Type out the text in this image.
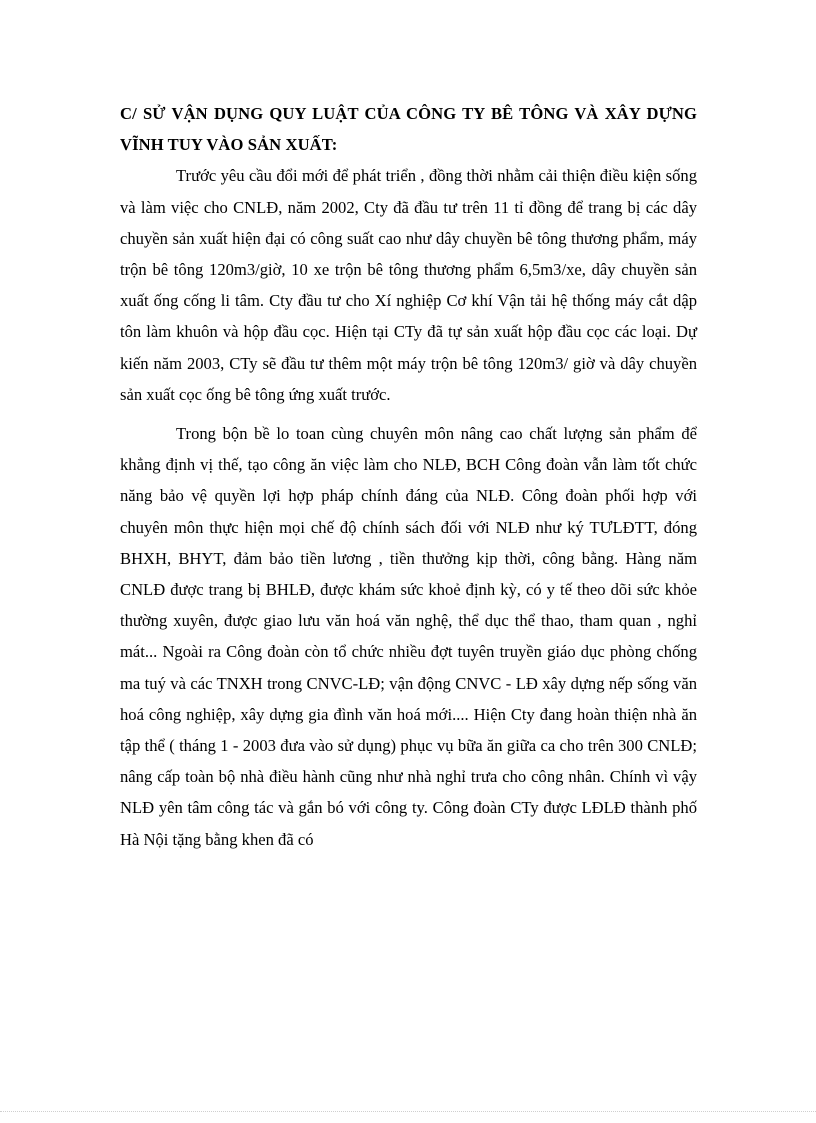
C/ SỬ VẬN DỤNG QUY LUẬT CỦA CÔNG TY BÊ TÔNG VÀ XÂY DỰNG VĨNH TUY VÀO SẢN XUẤT:

Trước yêu cầu đổi mới để phát triển , đồng thời nhằm cải thiện điều kiện sống và làm việc cho CNLĐ, năm 2002, Cty đã đầu tư trên 11 tỉ đồng để trang bị các dây chuyền sản xuất hiện đại có công suất cao như dây chuyền bê tông thương phẩm, máy trộn bê tông 120m3/giờ, 10 xe trộn bê tông thương phẩm 6,5m3/xe, dây chuyền sản xuất ống cống li tâm. Cty đầu tư cho Xí nghiệp Cơ khí Vận tải hệ thống máy cắt dập tôn làm khuôn và hộp đầu cọc. Hiện tại CTy đã tự sản xuất hộp đầu cọc các loại. Dự kiến năm 2003, CTy sẽ đầu tư thêm một máy trộn bê tông 120m3/ giờ và dây chuyền sản xuất cọc ống bê tông ứng xuất trước.

Trong bộn bề lo toan cùng chuyên môn nâng cao chất lượng sản phẩm để khẳng định vị thế, tạo công ăn việc làm cho NLĐ, BCH Công đoàn vẫn làm tốt chức năng bảo vệ quyền lợi hợp pháp chính đáng của NLĐ. Công đoàn phối hợp với chuyên môn thực hiện mọi chế độ chính sách đối với NLĐ như ký TƯLĐTT, đóng BHXH, BHYT, đảm bảo tiền lương , tiền thưởng kịp thời, công bằng. Hàng năm CNLĐ được trang bị BHLĐ, được khám sức khoẻ định kỳ, có y tế theo dõi sức khỏe thường xuyên, được giao lưu văn hoá văn nghệ, thể dục thể thao, tham quan , nghỉ mát... Ngoài ra Công đoàn còn tổ chức nhiều đợt tuyên truyền giáo dục phòng chống ma tuý và các TNXH trong CNVC-LĐ; vận động CNVC - LĐ xây dựng nếp sống văn hoá công nghiệp, xây dựng gia đình văn hoá mới.... Hiện Cty đang hoàn thiện nhà ăn tập thể ( tháng 1 - 2003 đưa vào sử dụng) phục vụ bữa ăn giữa ca cho trên 300 CNLĐ; nâng cấp toàn bộ nhà điều hành cũng như nhà nghỉ trưa cho công nhân. Chính vì vậy NLĐ yên tâm công tác và gắn bó với công ty. Công đoàn CTy được LĐLĐ thành phố Hà Nội tặng bằng khen đã có
